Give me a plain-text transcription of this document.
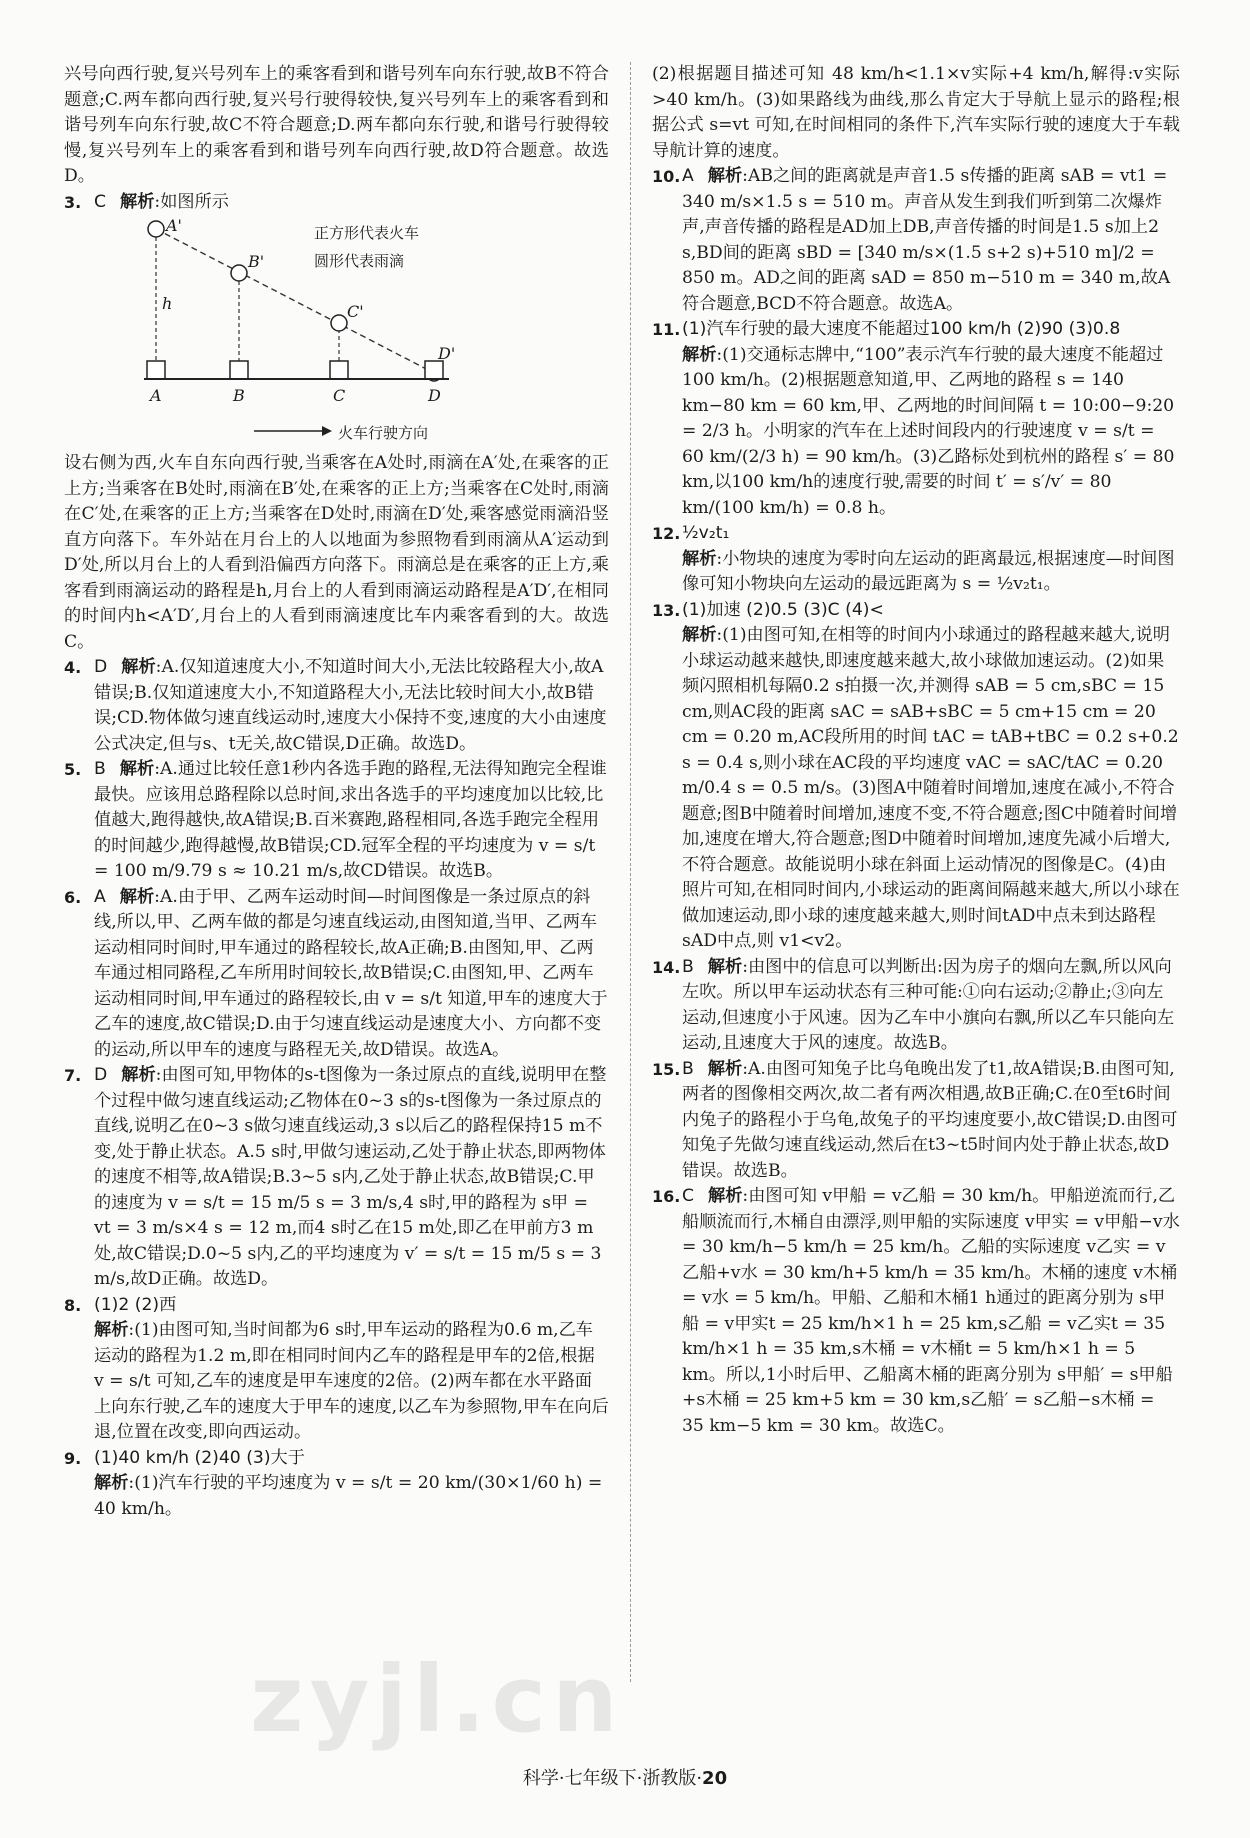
兴号向西行驶,复兴号列车上的乘客看到和谐号列车向东行驶,故B不符合题意;C.两车都向西行驶,复兴号行驶得较快,复兴号列车上的乘客看到和谐号列车向东行驶,故C不符合题意;D.两车都向东行驶,和谐号行驶得较慢,复兴号列车上的乘客看到和谐号列车向西行驶,故D符合题意。故选D。

3. C 解析:如图所示
A'
B'
C'
D'
A	B	C	D
h
正方形代表火车
圆形代表雨滴
火车行驶方向

设右侧为西,火车自东向西行驶,当乘客在A处时,雨滴在A′处,在乘客的正上方;当乘客在B处时,雨滴在B′处,在乘客的正上方;当乘客在C处时,雨滴在C′处,在乘客的正上方;当乘客在D处时,雨滴在D′处,乘客感觉雨滴沿竖直方向落下。车外站在月台上的人以地面为参照物看到雨滴从A′运动到D′处,所以月台上的人看到沿偏西方向落下。雨滴总是在乘客的正上方,乘客看到雨滴运动的路程是h,月台上的人看到雨滴运动路程是A′D′,在相同的时间内h<A′D′,月台上的人看到雨滴速度比车内乘客看到的大。故选C。

4. D 解析:A.仅知道速度大小,不知道时间大小,无法比较路程大小,故A错误;B.仅知道速度大小,不知道路程大小,无法比较时间大小,故B错误;CD.物体做匀速直线运动时,速度大小保持不变,速度的大小由速度公式决定,但与s、t无关,故C错误,D正确。故选D。
5. B 解析:A.通过比较任意1秒内各选手跑的路程,无法得知跑完全程谁最快。应该用总路程除以总时间,求出各选手的平均速度加以比较,比值越大,跑得越快,故A错误;B.百米赛跑,路程相同,各选手跑完全程用的时间越少,跑得越慢,故B错误;CD.冠军全程的平均速度为 v = s/t = 100 m/9.79 s ≈ 10.21 m/s,故CD错误。故选B。
6. A 解析:A.由于甲、乙两车运动时间—时间图像是一条过原点的斜线,所以,甲、乙两车做的都是匀速直线运动,由图知道,当甲、乙两车运动相同时间时,甲车通过的路程较长,故A正确;B.由图知,甲、乙两车通过相同路程,乙车所用时间较长,故B错误;C.由图知,甲、乙两车运动相同时间,甲车通过的路程较长,由 v = s/t 知道,甲车的速度大于乙车的速度,故C错误;D.由于匀速直线运动是速度大小、方向都不变的运动,所以甲车的速度与路程无关,故D错误。故选A。
7. D 解析:由图可知,甲物体的s-t图像为一条过原点的直线,说明甲在整个过程中做匀速直线运动;乙物体在0~3 s的s-t图像为一条过原点的直线,说明乙在0~3 s做匀速直线运动,3 s以后乙的路程保持15 m不变,处于静止状态。A.5 s时,甲做匀速运动,乙处于静止状态,即两物体的速度不相等,故A错误;B.3~5 s内,乙处于静止状态,故B错误;C.甲的速度为 v = s/t = 15 m/5 s = 3 m/s,4 s时,甲的路程为 s甲 = vt = 3 m/s×4 s = 12 m,而4 s时乙在15 m处,即乙在甲前方3 m处,故C错误;D.0~5 s内,乙的平均速度为 v′ = s/t = 15 m/5 s = 3 m/s,故D正确。故选D。
8. (1)2 (2)西
解析:(1)由图可知,当时间都为6 s时,甲车运动的路程为0.6 m,乙车运动的路程为1.2 m,即在相同时间内乙车的路程是甲车的2倍,根据 v = s/t 可知,乙车的速度是甲车速度的2倍。(2)两车都在水平路面上向东行驶,乙车的速度大于甲车的速度,以乙车为参照物,甲车在向后退,位置在改变,即向西运动。
9. (1)40 km/h (2)40 (3)大于
解析:(1)汽车行驶的平均速度为 v = s/t = 20 km/(30×1/60 h) = 40 km/h。

(2)根据题目描述可知 48 km/h<1.1×v实际+4 km/h,解得:v实际>40 km/h。(3)如果路线为曲线,那么肯定大于导航上显示的路程;根据公式 s=vt 可知,在时间相同的条件下,汽车实际行驶的速度大于车载导航计算的速度。

10. A 解析:AB之间的距离就是声音1.5 s传播的距离 sAB = vt1 = 340 m/s×1.5 s = 510 m。声音从发生到我们听到第二次爆炸声,声音传播的路程是AD加上DB,声音传播的时间是1.5 s加上2 s,BD间的距离 sBD = [340 m/s×(1.5 s+2 s)+510 m]/2 = 850 m。AD之间的距离 sAD = 850 m−510 m = 340 m,故A符合题意,BCD不符合题意。故选A。
11. (1)汽车行驶的最大速度不能超过100 km/h (2)90 (3)0.8
解析:(1)交通标志牌中,“100”表示汽车行驶的最大速度不能超过100 km/h。(2)根据题意知道,甲、乙两地的路程 s = 140 km−80 km = 60 km,甲、乙两地的时间间隔 t = 10:00−9:20 = 2/3 h。小明家的汽车在上述时间段内的行驶速度 v = s/t = 60 km/(2/3 h) = 90 km/h。(3)乙路标处到杭州的路程 s′ = 80 km,以100 km/h的速度行驶,需要的时间 t′ = s′/v′ = 80 km/(100 km/h) = 0.8 h。
12. ½v₂t₁
解析:小物块的速度为零时向左运动的距离最远,根据速度—时间图像可知小物块向左运动的最远距离为 s = ½v₂t₁。
13. (1)加速 (2)0.5 (3)C (4)<
解析:(1)由图可知,在相等的时间内小球通过的路程越来越大,说明小球运动越来越快,即速度越来越大,故小球做加速运动。(2)如果频闪照相机每隔0.2 s拍摄一次,并测得 sAB = 5 cm,sBC = 15 cm,则AC段的距离 sAC = sAB+sBC = 5 cm+15 cm = 20 cm = 0.20 m,AC段所用的时间 tAC = tAB+tBC = 0.2 s+0.2 s = 0.4 s,则小球在AC段的平均速度 vAC = sAC/tAC = 0.20 m/0.4 s = 0.5 m/s。(3)图A中随着时间增加,速度在减小,不符合题意;图B中随着时间增加,速度不变,不符合题意;图C中随着时间增加,速度在增大,符合题意;图D中随着时间增加,速度先减小后增大,不符合题意。故能说明小球在斜面上运动情况的图像是C。(4)由照片可知,在相同时间内,小球运动的距离间隔越来越大,所以小球在做加速运动,即小球的速度越来越大,则时间tAD中点未到达路程sAD中点,则 v1<v2。
14. B 解析:由图中的信息可以判断出:因为房子的烟向左飘,所以风向左吹。所以甲车运动状态有三种可能:①向右运动;②静止;③向左运动,但速度小于风速。因为乙车中小旗向右飘,所以乙车只能向左运动,且速度大于风的速度。故选B。
15. B 解析:A.由图可知兔子比乌龟晚出发了t1,故A错误;B.由图可知,两者的图像相交两次,故二者有两次相遇,故B正确;C.在0至t6时间内兔子的路程小于乌龟,故兔子的平均速度要小,故C错误;D.由图可知兔子先做匀速直线运动,然后在t3~t5时间内处于静止状态,故D错误。故选B。
16. C 解析:由图可知 v甲船 = v乙船 = 30 km/h。甲船逆流而行,乙船顺流而行,木桶自由漂浮,则甲船的实际速度 v甲实 = v甲船−v水 = 30 km/h−5 km/h = 25 km/h。乙船的实际速度 v乙实 = v乙船+v水 = 30 km/h+5 km/h = 35 km/h。木桶的速度 v木桶 = v水 = 5 km/h。甲船、乙船和木桶1 h通过的距离分别为 s甲船 = v甲实t = 25 km/h×1 h = 25 km,s乙船 = v乙实t = 35 km/h×1 h = 35 km,s木桶 = v木桶t = 5 km/h×1 h = 5 km。所以,1小时后甲、乙船离木桶的距离分别为 s甲船′ = s甲船+s木桶 = 25 km+5 km = 30 km,s乙船′ = s乙船−s木桶 = 35 km−5 km = 30 km。故选C。
zyjl.cn
科学·七年级下·浙教版·20
